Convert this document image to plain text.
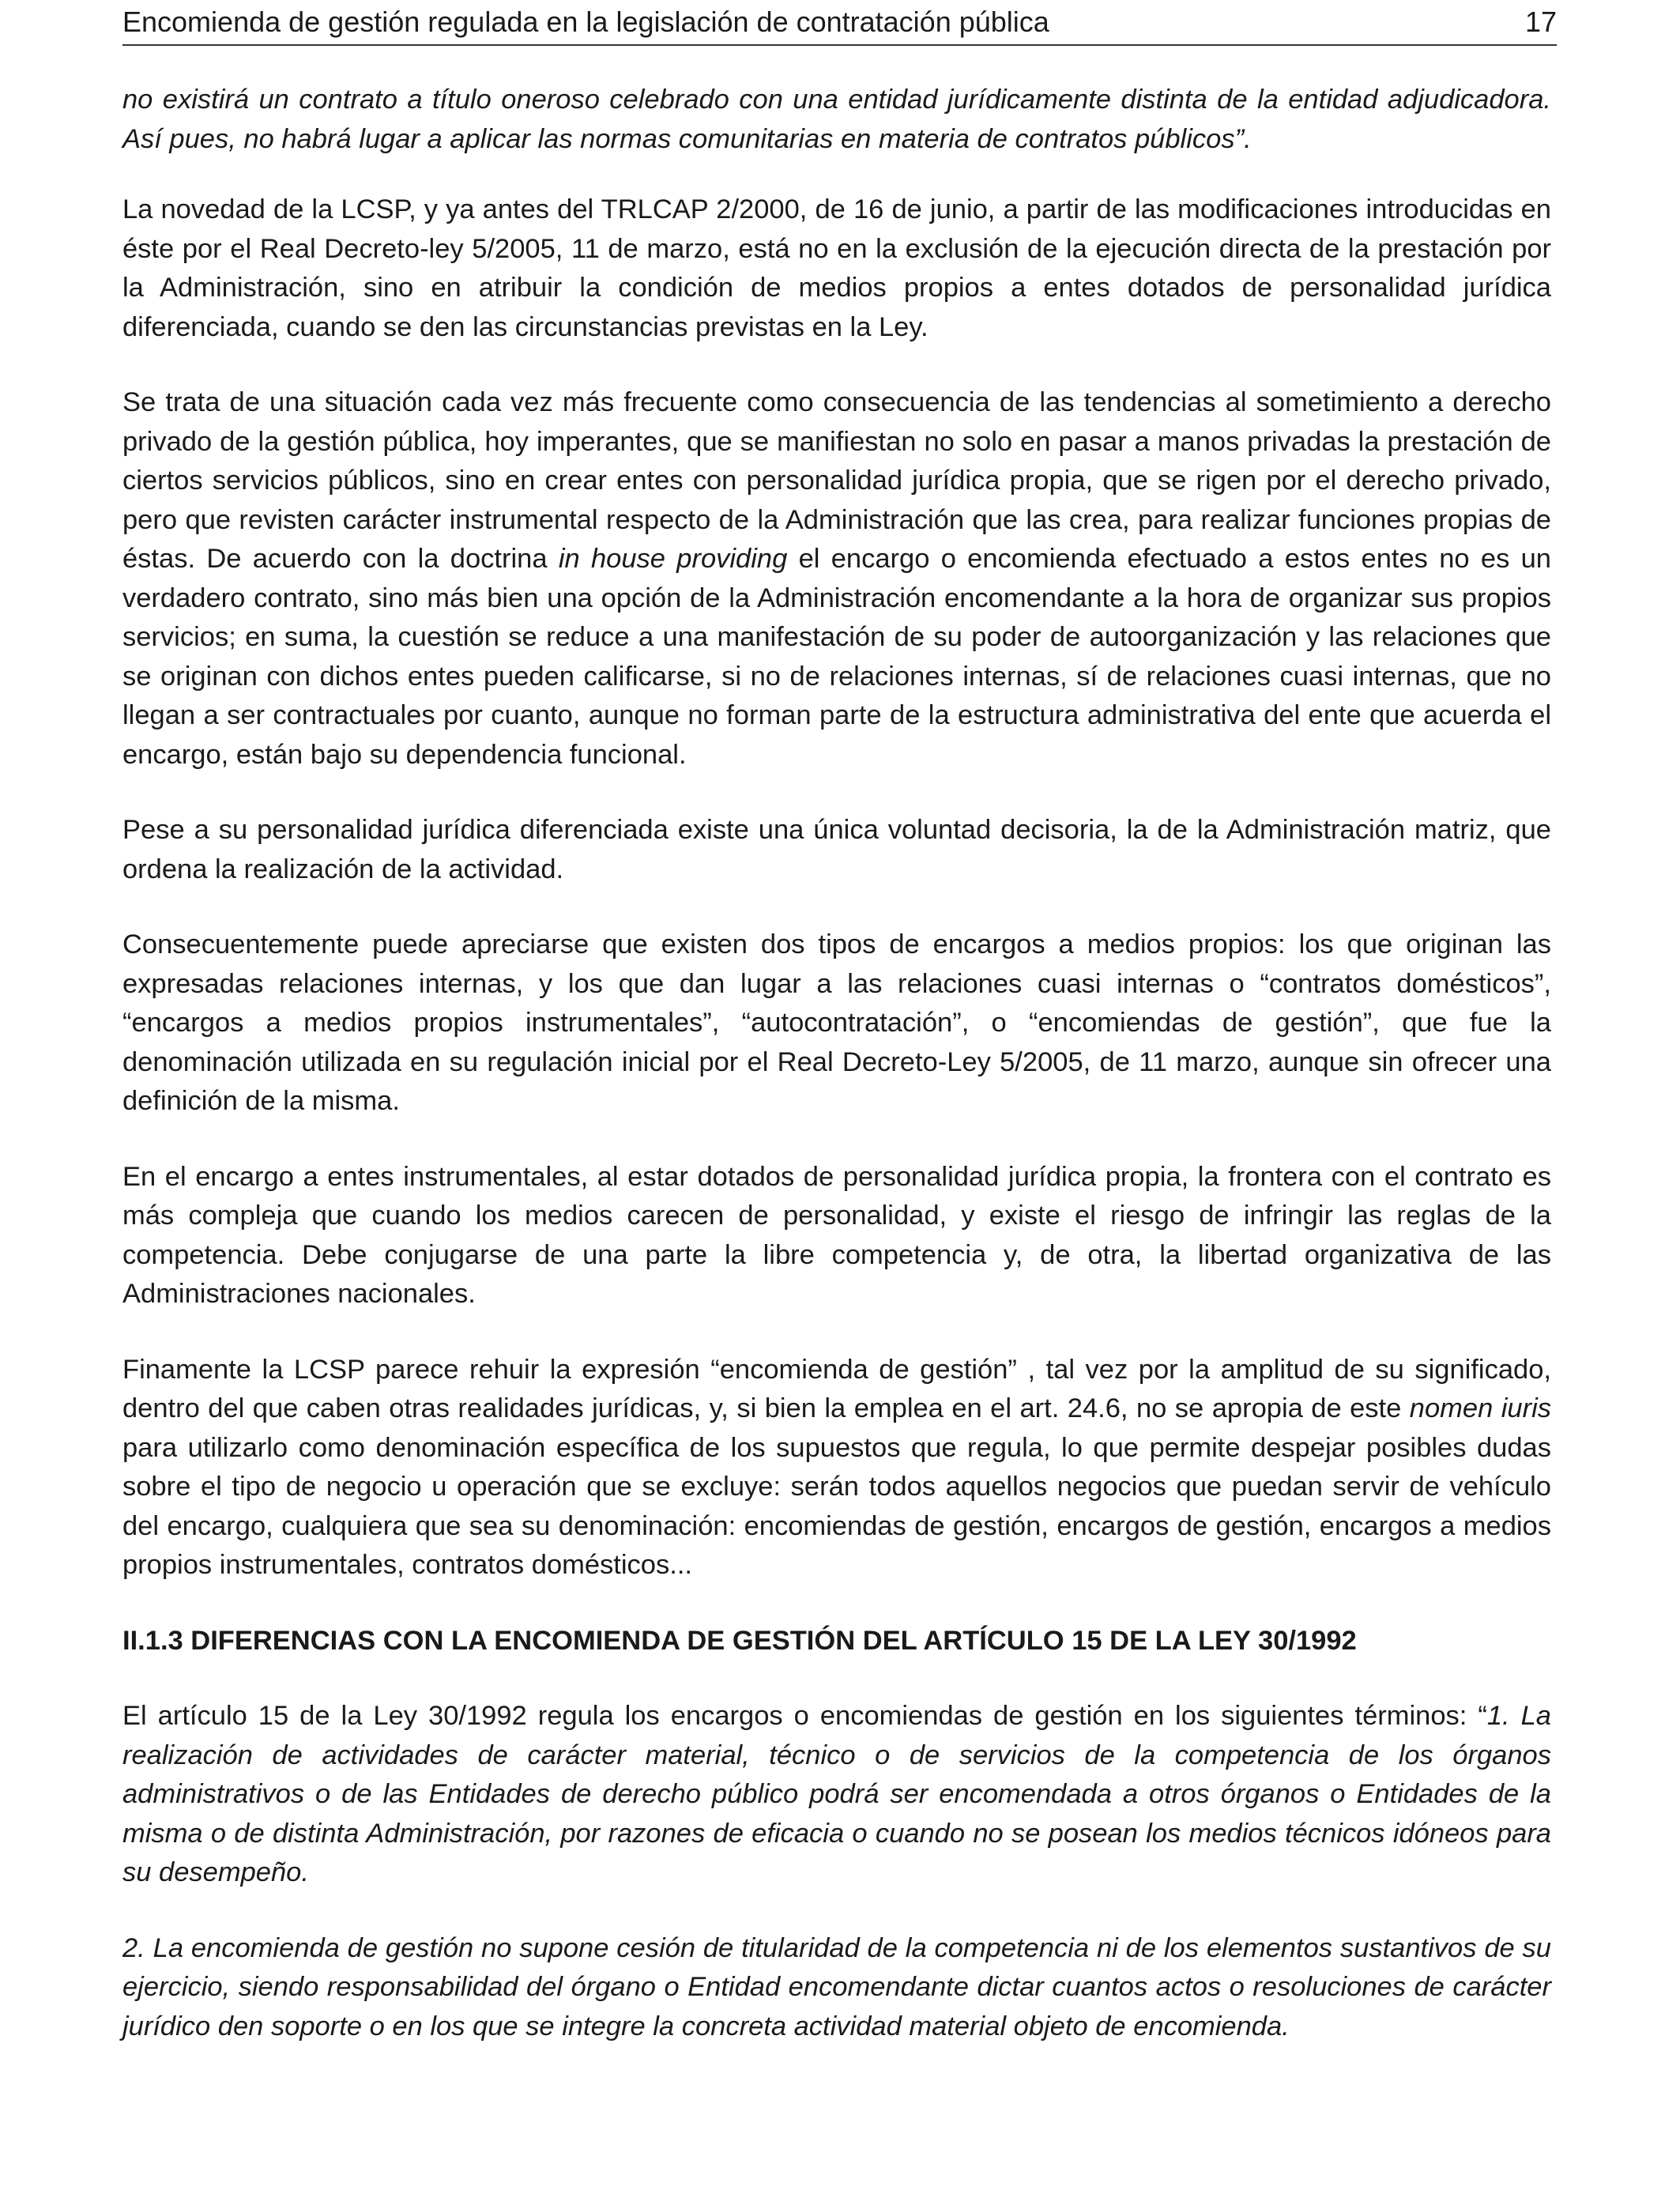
Encomienda de gestión regulada en la legislación de contratación pública	17

no existirá un contrato a título oneroso celebrado con una entidad jurídicamente distinta de la entidad adjudicadora. Así pues, no habrá lugar a aplicar las normas comunitarias en materia de contratos públicos”.

La novedad de la LCSP, y ya antes del TRLCAP 2/2000, de 16 de junio, a partir de las modificaciones introducidas en éste por el Real Decreto-ley 5/2005, 11 de marzo, está no en la exclusión de la ejecución directa de la prestación por la Administración, sino en atribuir la condición de medios propios a entes dotados de personalidad jurídica diferenciada, cuando se den las circunstancias previstas en la Ley.

Se trata de una situación cada vez más frecuente como consecuencia de las tendencias al sometimiento a derecho privado de la gestión pública, hoy imperantes, que se manifiestan no solo en pasar a manos privadas la prestación de ciertos servicios públicos, sino en crear entes con personalidad jurídica propia, que se rigen por el derecho privado, pero que revisten carácter instrumental respecto de la Administración que las crea, para realizar funciones propias de éstas. De acuerdo con la doctrina in house providing el encargo o encomienda efectuado a estos entes no es un verdadero contrato, sino más bien una opción de la Administración encomendante a la hora de organizar sus propios servicios; en suma, la cuestión se reduce a una manifestación de su poder de autoorganización y las relaciones que se originan con dichos entes pueden calificarse, si no de relaciones internas, sí de relaciones cuasi internas, que no llegan a ser contractuales por cuanto, aunque no forman parte de la estructura administrativa del ente que acuerda el encargo, están bajo su dependencia funcional.

Pese a su personalidad jurídica diferenciada existe una única voluntad decisoria, la de la Administración matriz, que ordena la realización de la actividad.

Consecuentemente puede apreciarse que existen dos tipos de encargos a medios propios: los que originan las expresadas relaciones internas, y los que dan lugar a las relaciones cuasi internas o “contratos domésticos”, “encargos a medios propios instrumentales”, “autocontratación”, o “encomiendas de gestión”, que fue la denominación utilizada en su regulación inicial por el Real Decreto-Ley 5/2005, de 11 marzo, aunque sin ofrecer una definición de la misma.

En el encargo a entes instrumentales, al estar dotados de personalidad jurídica propia, la frontera con el contrato es más compleja que cuando los medios carecen de personalidad, y existe el riesgo de infringir las reglas de la competencia. Debe conjugarse de una parte la libre competencia y, de otra, la libertad organizativa de las Administraciones nacionales.

Finamente la LCSP parece rehuir la expresión “encomienda de gestión” , tal vez por la amplitud de su significado, dentro del que caben otras realidades jurídicas, y, si bien la emplea en el art. 24.6, no se apropia de este nomen iuris para utilizarlo como denominación específica de los supuestos que regula, lo que permite despejar posibles dudas sobre el tipo de negocio u operación que se excluye: serán todos aquellos negocios que puedan servir de vehículo del encargo, cualquiera que sea su denominación: encomiendas de gestión, encargos de gestión, encargos a medios propios instrumentales, contratos domésticos...

II.1.3 DIFERENCIAS CON LA ENCOMIENDA DE GESTIÓN DEL ARTÍCULO 15 DE LA LEY 30/1992

El artículo 15 de la Ley 30/1992 regula los encargos o encomiendas de gestión en los siguientes términos: “1. La realización de actividades de carácter material, técnico o de servicios de la competencia de los órganos administrativos o de las Entidades de derecho público podrá ser encomendada a otros órganos o Entidades de la misma o de distinta Administración, por razones de eficacia o cuando no se posean los medios técnicos idóneos para su desempeño.

2. La encomienda de gestión no supone cesión de titularidad de la competencia ni de los elementos sustantivos de su ejercicio, siendo responsabilidad del órgano o Entidad encomendante dictar cuantos actos o resoluciones de carácter jurídico den soporte o en los que se integre la concreta actividad material objeto de encomienda.
